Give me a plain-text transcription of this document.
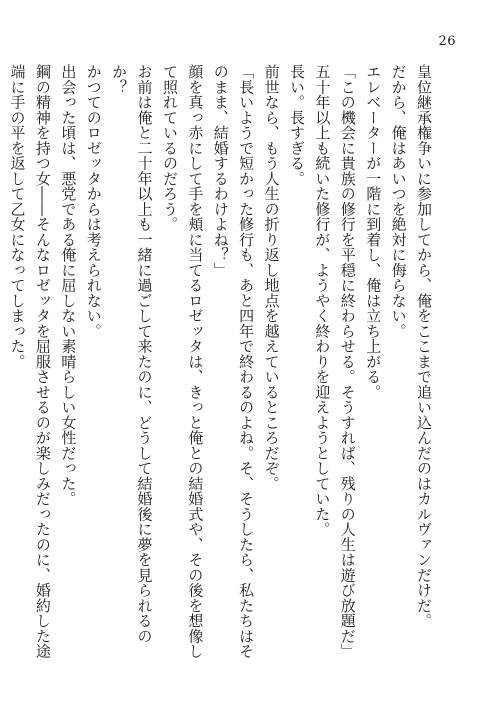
26
皇位継承権争いに参加してから、俺をここまで追い込んだのはカルヴァンだけだ。
だから、俺はあいつを絶対に侮らない。
エレベーターが一階に到着し、俺は立ち上がる。
「この機会に貴族の修行を平穏に終わらせる。そうすれば、残りの人生は遊び放題だ」
五十年以上も続いた修行が、ようやく終わりを迎えようとしていた。
長い。長すぎる。
前世なら、もう人生の折り返し地点を越えているところだぞ。
「長いようで短かった修行も、あと四年で終わるのよね。そ、そうしたら、私たちはそ
のまま、結婚するわけよね？」
顔を真っ赤にして手を頬に当てるロゼッタは、きっと俺との結婚式や、その後を想像し
て照れているのだろう。
お前は俺と二十年以上も一緒に過ごして来たのに、どうして結婚後に夢を見られるの
か？
かつてのロゼッタからは考えられない。
出会った頃は、悪党である俺に屈しない素晴らしい女性だった。
鋼の精神を持つ女――そんなロゼッタを屈服させるのが楽しみだったのに、婚約した途
端に手の平を返して乙女になってしまった。
